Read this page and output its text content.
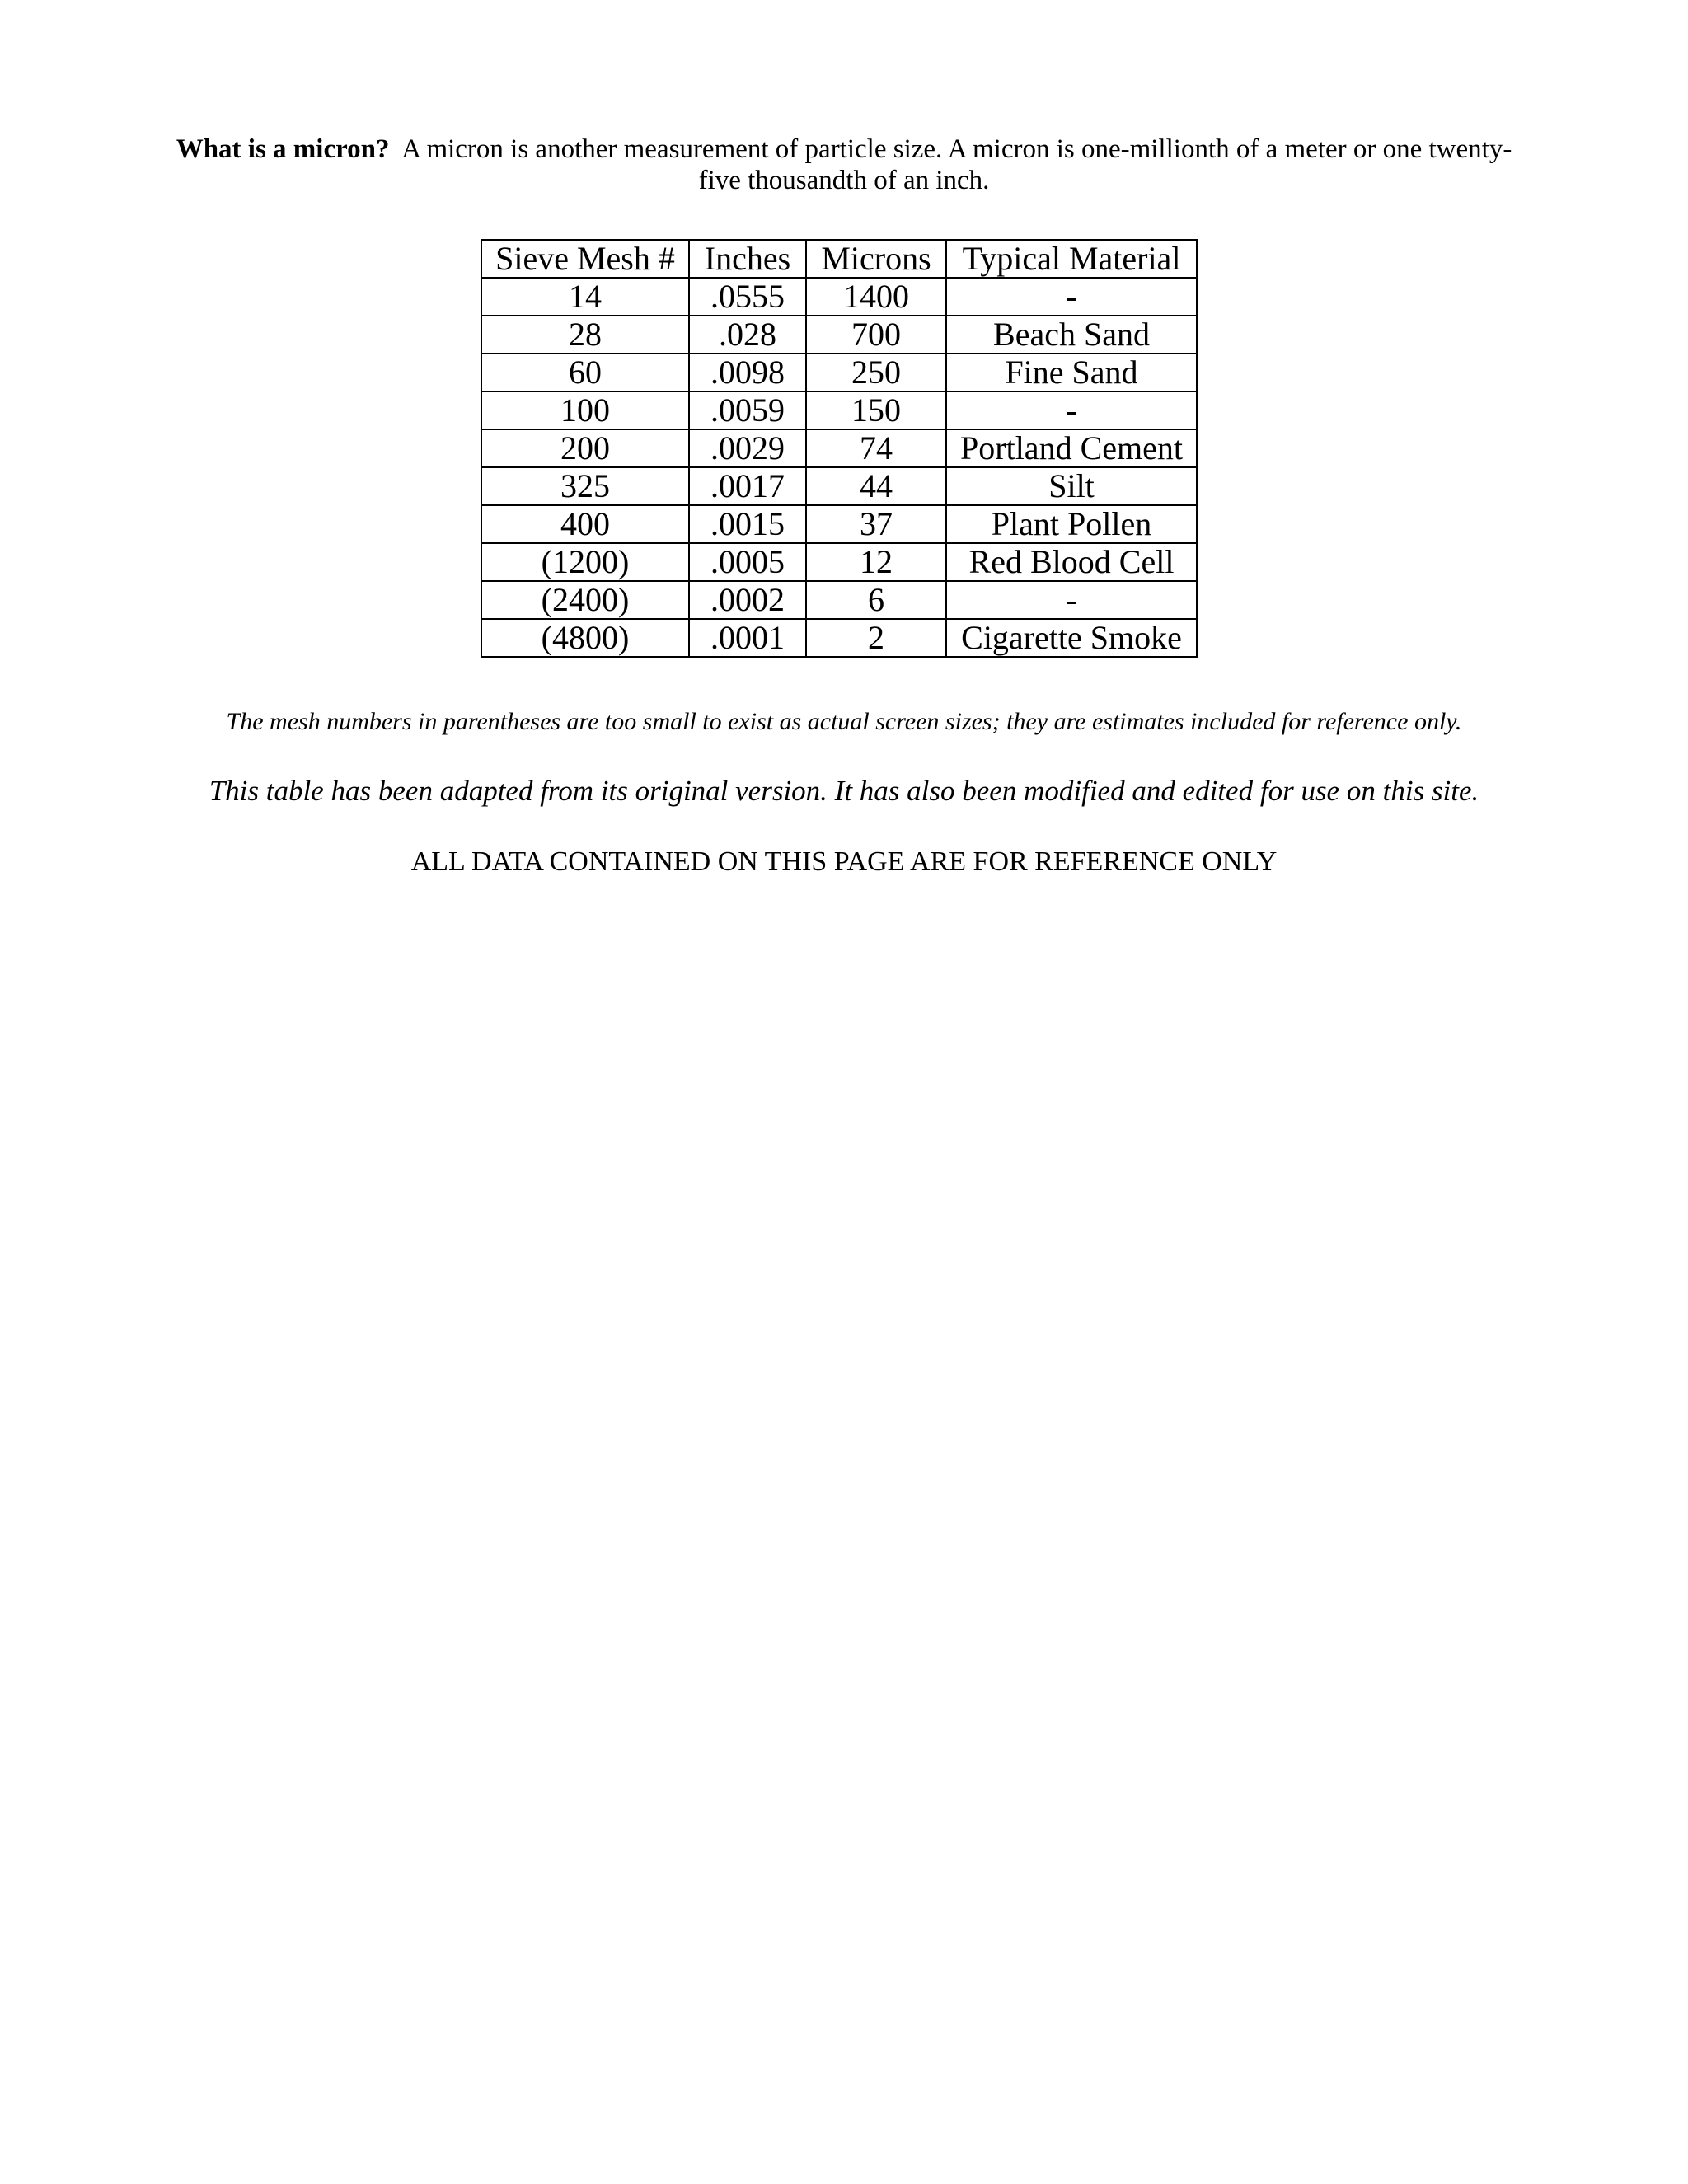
What is a micron? A micron is another measurement of particle size. A micron is one-millionth of a meter or one twenty-five thousandth of an inch.

Sieve Mesh #	Inches	Microns	Typical Material
14	.0555	1400	-
28	.028	700	Beach Sand
60	.0098	250	Fine Sand
100	.0059	150	-
200	.0029	74	Portland Cement
325	.0017	44	Silt
400	.0015	37	Plant Pollen
(1200)	.0005	12	Red Blood Cell
(2400)	.0002	6	-
(4800)	.0001	2	Cigarette Smoke

The mesh numbers in parentheses are too small to exist as actual screen sizes; they are estimates included for reference only.

This table has been adapted from its original version. It has also been modified and edited for use on this site.

ALL DATA CONTAINED ON THIS PAGE ARE FOR REFERENCE ONLY
